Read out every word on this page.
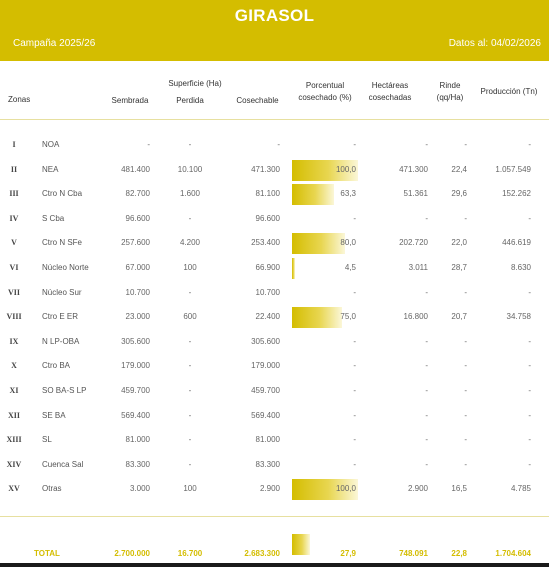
GIRASOL
Campaña 2025/26	Datos al: 04/02/2026
Zonas
Superficie (Ha)
Sembrada	Perdida	Cosechable
Porcentual
cosechado (%)
Hectáreas
cosechadas
Rinde
(qq/Ha)
Producción (Tn)
I	NOA	-	-	-	-	-	-	-
II	NEA	481.400	10.100	471.300	100,0	471.300	22,4	1.057.549
III	Ctro N Cba	82.700	1.600	81.100	63,3	51.361	29,6	152.262
IV	S Cba	96.600	-	96.600	-	-	-	-
V	Ctro N SFe	257.600	4.200	253.400	80,0	202.720	22,0	446.619
VI	Núcleo Norte	67.000	100	66.900	4,5	3.011	28,7	8.630
VII	Núcleo Sur	10.700	-	10.700	-	-	-	-
VIII	Ctro E ER	23.000	600	22.400	75,0	16.800	20,7	34.758
IX	N LP-OBA	305.600	-	305.600	-	-	-	-
X	Ctro BA	179.000	-	179.000	-	-	-	-
XI	SO BA-S LP	459.700	-	459.700	-	-	-	-
XII	SE BA	569.400	-	569.400	-	-	-	-
XIII	SL	81.000	-	81.000	-	-	-	-
XIV	Cuenca Sal	83.300	-	83.300	-	-	-	-
XV	Otras	3.000	100	2.900	100,0	2.900	16,5	4.785
TOTAL	2.700.000	16.700	2.683.300	27,9	748.091	22,8	1.704.604
